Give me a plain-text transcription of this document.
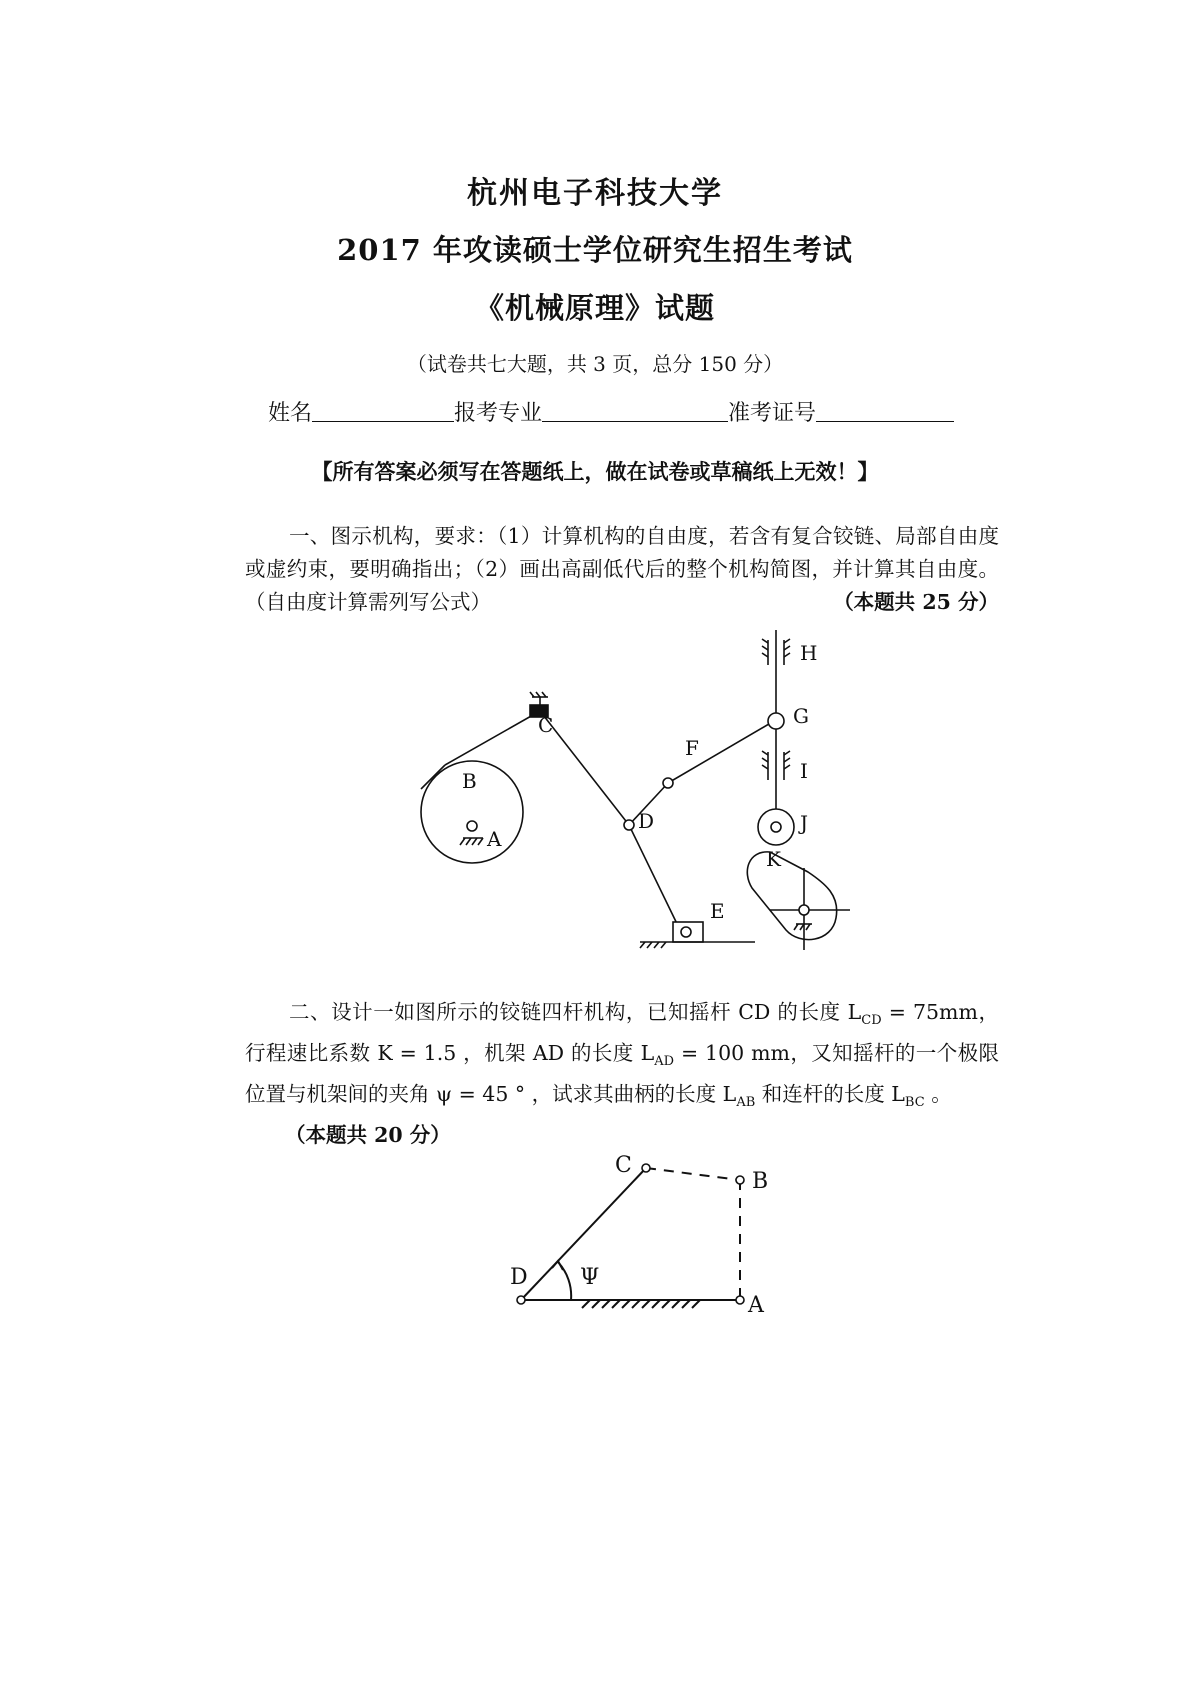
杭州电子科技大学
2017 年攻读硕士学位研究生招生考试
《机械原理》试题
（试卷共七大题，共 3 页，总分 150 分）
姓名	报考专业	准考证号
【所有答案必须写在答题纸上，做在试卷或草稿纸上无效！】

一、图示机构，要求：（1）计算机构的自由度，若含有复合铰链、局部自由度或虚约束，要明确指出；（2）画出高副低代后的整个机构简图，并计算其自由度。（自由度计算需列写公式）	（本题共 25 分）

A
B
C
D
E
F
G
H
I
J
K
C
B
D Ψ
A

二、设计一如图所示的铰链四杆机构，已知摇杆 CD 的长度 $L_{CD} = 75mm$，行程速比系数 K = 1.5 ，机架 AD 的长度 $L_{AD} = 100$ mm，又知摇杆的一个极限位置与机架间的夹角 ψ = 45 ° ，试求其曲柄的长度 $L_{AB}$ 和连杆的长度 $L_{BC}$ 。

（本题共 20 分）
